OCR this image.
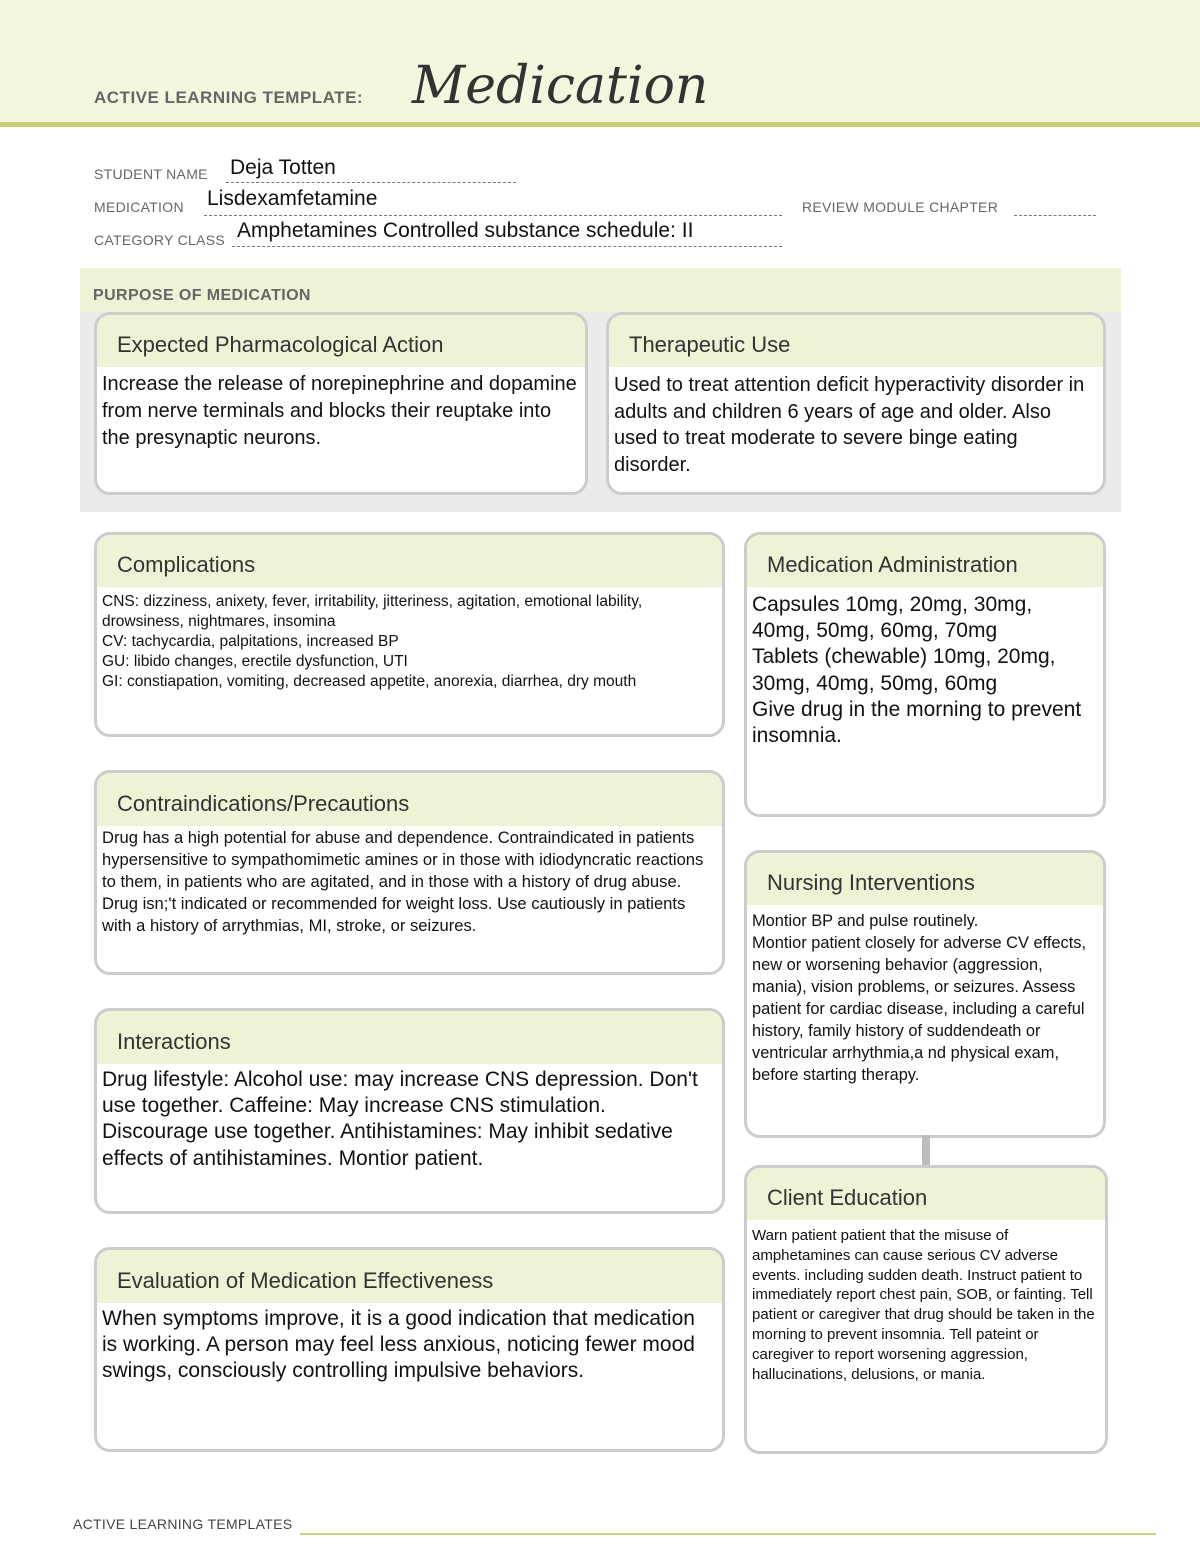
ACTIVE LEARNING TEMPLATE: Medication
STUDENT NAME Deja Totten
MEDICATION Lisdexamfetamine	REVIEW MODULE CHAPTER
CATEGORY CLASS Amphetamines Controlled substance schedule: II
PURPOSE OF MEDICATION
Expected Pharmacological Action
Increase the release of norepinephrine and dopamine from nerve terminals and blocks their reuptake into the presynaptic neurons.
Therapeutic Use
Used to treat attention deficit hyperactivity disorder in adults and children 6 years of age and older. Also used to treat moderate to severe binge eating disorder.
Complications
CNS: dizziness, anixety, fever, irritability, jitteriness, agitation, emotional lability, drowsiness, nightmares, insomina
CV: tachycardia, palpitations, increased BP
GU: libido changes, erectile dysfunction, UTI
GI: constiapation, vomiting, decreased appetite, anorexia, diarrhea, dry mouth
Medication Administration
Capsules 10mg, 20mg, 30mg, 40mg, 50mg, 60mg, 70mg
Tablets (chewable) 10mg, 20mg, 30mg, 40mg, 50mg, 60mg
Give drug in the morning to prevent insomnia.
Contraindications/Precautions
Drug has a high potential for abuse and dependence. Contraindicated in patients hypersensitive to sympathomimetic amines or in those with idiodyncratic reactions to them, in patients who are agitated, and in those with a history of drug abuse. Drug isn;'t indicated or recommended for weight loss. Use cautiously in patients with a history of arrythmias, MI, stroke, or seizures.
Nursing Interventions
Montior BP and pulse routinely.
Montior patient closely for adverse CV effects, new or worsening behavior (aggression, mania), vision problems, or seizures. Assess patient for cardiac disease, including a careful history, family history of suddendeath or ventricular arrhythmia,a nd physical exam, before starting therapy.
Interactions
Drug lifestyle: Alcohol use: may increase CNS depression. Don't use together. Caffeine: May increase CNS stimulation. Discourage use together. Antihistamines: May inhibit sedative effects of antihistamines. Montior patient.
Client Education
Warn patient patient that the misuse of amphetamines can cause serious CV adverse events. including sudden death. Instruct patient to immediately report chest pain, SOB, or fainting. Tell patient or caregiver that drug should be taken in the morning to prevent insomnia. Tell pateint or caregiver to report worsening aggression, hallucinations, delusions, or mania.
Evaluation of Medication Effectiveness
When symptoms improve, it is a good indication that medication is working. A person may feel less anxious, noticing fewer mood swings, consciously controlling impulsive behaviors.
ACTIVE LEARNING TEMPLATES
